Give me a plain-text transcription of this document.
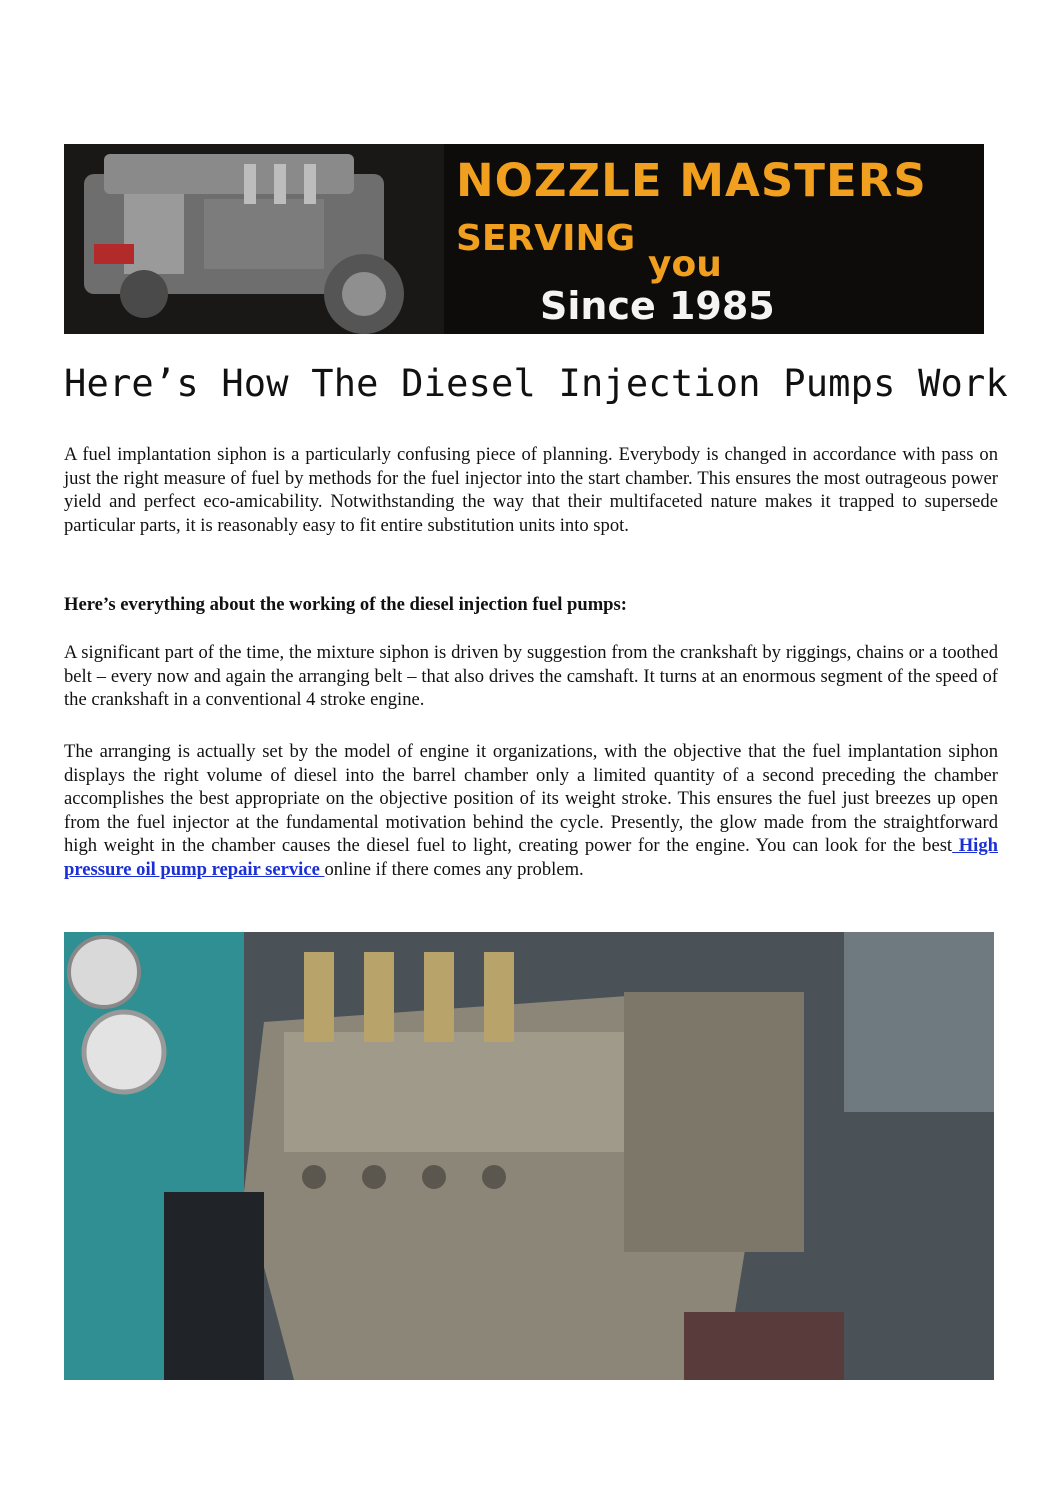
NOZZLE MASTERS
SERVING
you
Since 1985
Here’s How The Diesel Injection Pumps Work

A fuel implantation siphon is a particularly confusing piece of planning. Everybody is changed in accordance with pass on just the right measure of fuel by methods for the fuel injector into the start chamber. This ensures the most outrageous power yield and perfect eco-amicability. Notwithstanding the way that their multifaceted nature makes it trapped to supersede particular parts, it is reasonably easy to fit entire substitution units into spot.

Here’s everything about the working of the diesel injection fuel pumps:

A significant part of the time, the mixture siphon is driven by suggestion from the crankshaft by riggings, chains or a toothed belt – every now and again the arranging belt – that also drives the camshaft. It turns at an enormous segment of the speed of the crankshaft in a conventional 4 stroke engine.

The arranging is actually set by the model of engine it organizations, with the objective that the fuel implantation siphon displays the right volume of diesel into the barrel chamber only a limited quantity of a second preceding the chamber accomplishes the best appropriate on the objective position of its weight stroke. This ensures the fuel just breezes up open from the fuel injector at the fundamental motivation behind the cycle. Presently, the glow made from the straightforward high weight in the chamber causes the diesel fuel to light, creating power for the engine. You can look for the best High pressure oil pump repair service online if there comes any problem.
